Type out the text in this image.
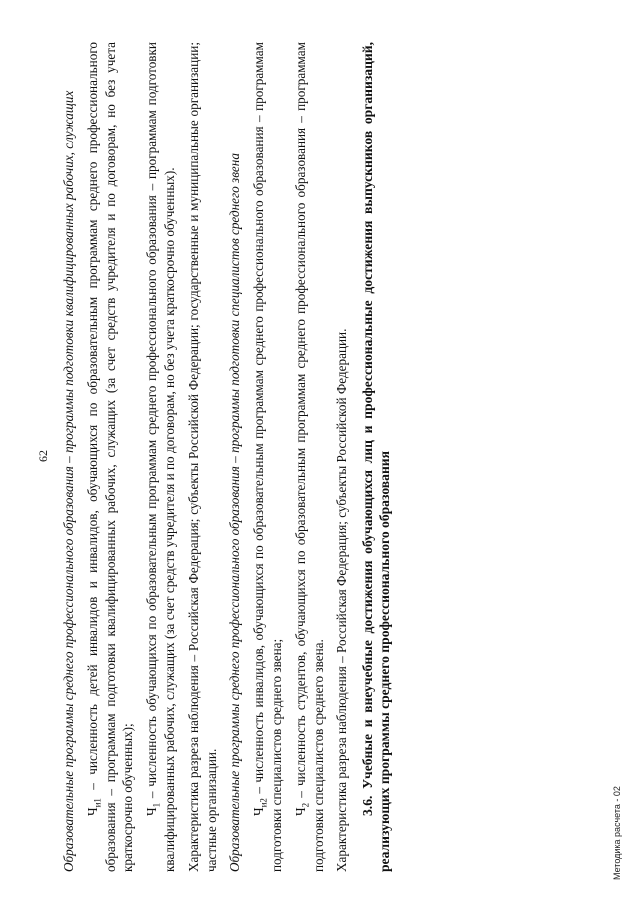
62 Образовательные программы среднего профессионального образования – программы подготовки квалифицированных рабочих, служащих $Ч_{и1}$ – численность детей инвалидов и инвалидов, обучающихся по образовательным программам среднего профессионального образования – программам подготовки квалифицированных рабочих, служащих (за счет средств учредителя и по договорам, но без учета краткосрочно обученных); $Ч_1$ – численность обучающихся по образовательным программам среднего профессионального образования – программам подготовки квалифицированных рабочих, служащих (за счет средств учредителя и по договорам, но без учета краткосрочно обученных). Характеристика разреза наблюдения – Российская Федерация; субъекты Российской Федерации; государственные и муниципальные организации; частные организации. Образовательные программы среднего профессионального образования – программы подготовки специалистов среднего звена $Ч_{и2}$ – численность инвалидов, обучающихся по образовательным программам среднего профессионального образования – программам подготовки специалистов среднего звена; $Ч_2$ – численность студентов, обучающихся по образовательным программам среднего профессионального образования – программам подготовки специалистов среднего звена. Характеристика разреза наблюдения – Российская Федерация; субъекты Российской Федерации. 3.6. Учебные и внеучебные достижения обучающихся лиц и профессиональные достижения выпускников организаций, реализующих программы среднего профессионального образования	Методика расчета - 02
